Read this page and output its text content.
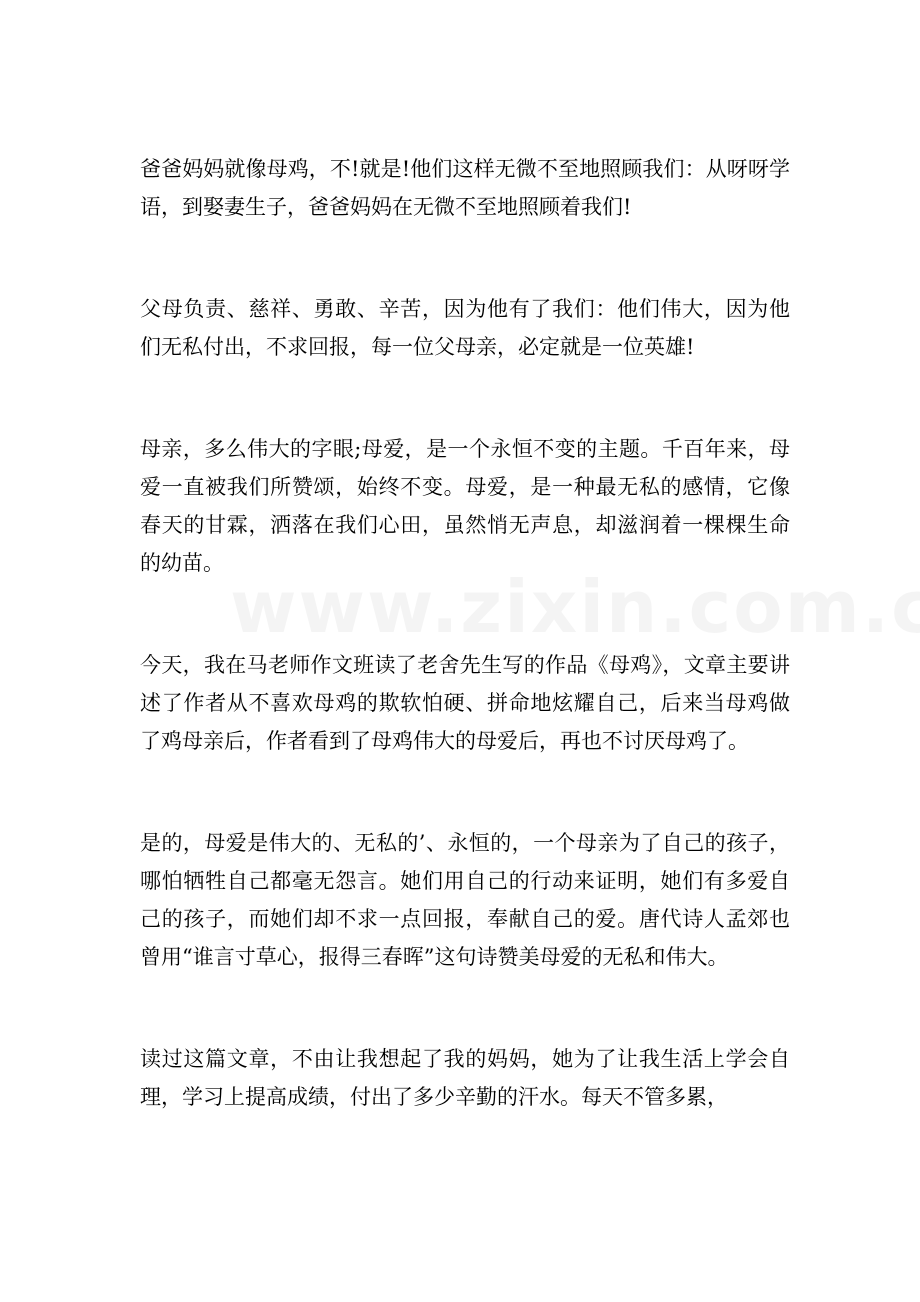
爸爸妈妈就像母鸡，不!就是!他们这样无微不至地照顾我们：从呀呀学语，到娶妻生子，爸爸妈妈在无微不至地照顾着我们!

父母负责、慈祥、勇敢、辛苦，因为他有了我们：他们伟大，因为他们无私付出，不求回报，每一位父母亲，必定就是一位英雄!

母亲，多么伟大的字眼;母爱，是一个永恒不变的主题。千百年来，母爱一直被我们所赞颂，始终不变。母爱，是一种最无私的感情，它像春天的甘霖，洒落在我们心田，虽然悄无声息，却滋润着一棵棵生命的幼苗。

今天，我在马老师作文班读了老舍先生写的作品《母鸡》，文章主要讲述了作者从不喜欢母鸡的欺软怕硬、拼命地炫耀自己，后来当母鸡做了鸡母亲后，作者看到了母鸡伟大的母爱后，再也不讨厌母鸡了。

是的，母爱是伟大的、无私的’、永恒的，一个母亲为了自己的孩子，哪怕牺牲自己都毫无怨言。她们用自己的行动来证明，她们有多爱自己的孩子，而她们却不求一点回报，奉献自己的爱。唐代诗人孟郊也曾用“谁言寸草心，报得三春晖”这句诗赞美母爱的无私和伟大。

读过这篇文章，不由让我想起了我的妈妈，她为了让我生活上学会自理，学习上提高成绩，付出了多少辛勤的汗水。每天不管多累，
